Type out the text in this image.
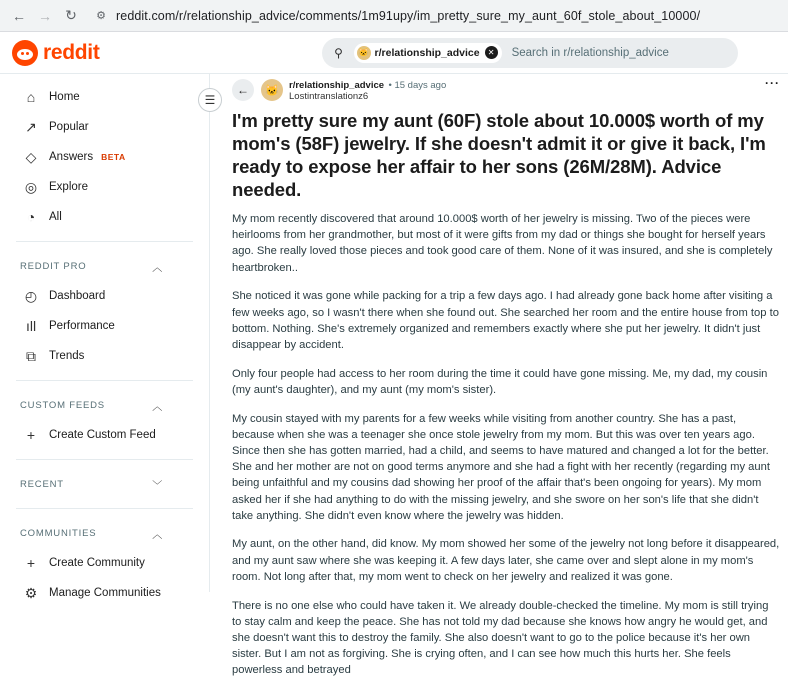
← → ↻	⚙ reddit.com/r/relationship_advice/comments/1m91upy/im_pretty_sure_my_aunt_60f_stole_about_10000/
reddit	⚲	🐱 r/relationship_advice	✕ Search in r/relationship_advice
☰
⌂	Home
↗ Popular
◇	Answers BETA
◎ Explore
◔	All
REDDIT PRO	︿
◴ Dashboard
ıll	Performance
⧉	Trends
CUSTOM FEEDS	︿
+	Create Custom Feed
RECENT	﹀
COMMUNITIES	︿
+	Create Community
⚙ Manage Communities
←	🐱	r/relationship_advice • 15 days ago
Lostintranslationz6
···
I'm pretty sure my aunt (60F) stole about 10.000$ worth of my mom's (58F) jewelry. If she doesn't admit it or give it back, I'm ready to expose her affair to her sons (26M/28M). Advice needed.

My mom recently discovered that around 10.000$ worth of her jewelry is missing. Two of the pieces were heirlooms from her grandmother, but most of it were gifts from my dad or things she bought for herself years ago. She really loved those pieces and took good care of them. None of it was insured, and she is completely heartbroken..

She noticed it was gone while packing for a trip a few days ago. I had already gone back home after visiting a few weeks ago, so I wasn't there when she found out. She searched her room and the entire house from top to bottom. Nothing. She's extremely organized and remembers exactly where she put her jewelry. It didn't just disappear by accident.

Only four people had access to her room during the time it could have gone missing. Me, my dad, my cousin (my aunt's daughter), and my aunt (my mom's sister).

My cousin stayed with my parents for a few weeks while visiting from another country. She has a past, because when she was a teenager she once stole jewelry from my mom. But this was over ten years ago. Since then she has gotten married, had a child, and seems to have matured and changed a lot for the better. She and her mother are not on good terms anymore and she had a fight with her recently (regarding my aunt being unfaithful and my cousins dad showing her proof of the affair that's been ongoing for years). My mom asked her if she had anything to do with the missing jewelry, and she swore on her son's life that she didn't take anything. She didn't even know where the jewelry was hidden.

My aunt, on the other hand, did know. My mom showed her some of the jewelry not long before it disappeared, and my aunt saw where she was keeping it. A few days later, she came over and slept alone in my mom's room. Not long after that, my mom went to check on her jewelry and realized it was gone.

There is no one else who could have taken it. We already double-checked the timeline. My mom is still trying to stay calm and keep the peace. She has not told my dad because she knows how angry he would get, and she doesn't want this to destroy the family. She also doesn't want to go to the police because it's her own sister. But I am not as forgiving. She is crying often, and I can see how much this hurts her. She feels powerless and betrayed
